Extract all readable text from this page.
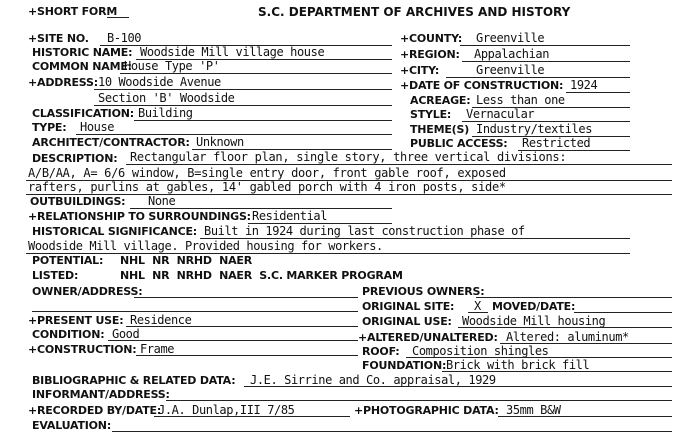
+SHORT FORM	S.C. DEPARTMENT OF ARCHIVES AND HISTORY
+SITE NO. B-100
HISTORIC NAME: Woodside Mill village house
COMMON NAME:
House Type 'P'
+ADDRESS: 10 Woodside Avenue
Section 'B' Woodside
CLASSIFICATION: Building
TYPE: House
ARCHITECT/CONTRACTOR: Unknown
+COUNTY: Greenville
+REGION: Appalachian
+CITY:	Greenville
+DATE OF CONSTRUCTION: 1924
ACREAGE: Less than one
STYLE: Vernacular
THEME(S) Industry/textiles
PUBLIC ACCESS: Restricted
DESCRIPTION: Rectangular floor plan, single story, three vertical divisions:
A/B/AA, A= 6/6 window, B=single entry door, front gable roof, exposed
rafters, purlins at gables, 14' gabled porch with 4 iron posts, side*
OUTBUILDINGS: None
+RELATIONSHIP TO SURROUNDINGS: Residential
HISTORICAL SIGNIFICANCE: Built in 1924 during last construction phase of
Woodside Mill village. Provided housing for workers.
POTENTIAL: NHL  NR  NRHD  NAER
LISTED:	NHL  NR  NRHD  NAER  S.C. MARKER PROGRAM
OWNER/ADDRESS:	PREVIOUS OWNERS:
ORIGINAL SITE: X MOVED/DATE:
ORIGINAL USE: Woodside Mill housing
+PRESENT USE: Residence
+ALTERED/UNALTERED: Altered: aluminum*
CONDITION: Good
+CONSTRUCTION: Frame	ROOF: Composition shingles
FOUNDATION: Brick with brick fill
BIBLIOGRAPHIC & RELATED DATA: J.E. Sirrine and Co. appraisal, 1929
INFORMANT/ADDRESS:
+RECORDED BY/DATE:
J.A. Dunlap,III 7/85	+PHOTOGRAPHIC DATA: 35mm B&W
EVALUATION:
